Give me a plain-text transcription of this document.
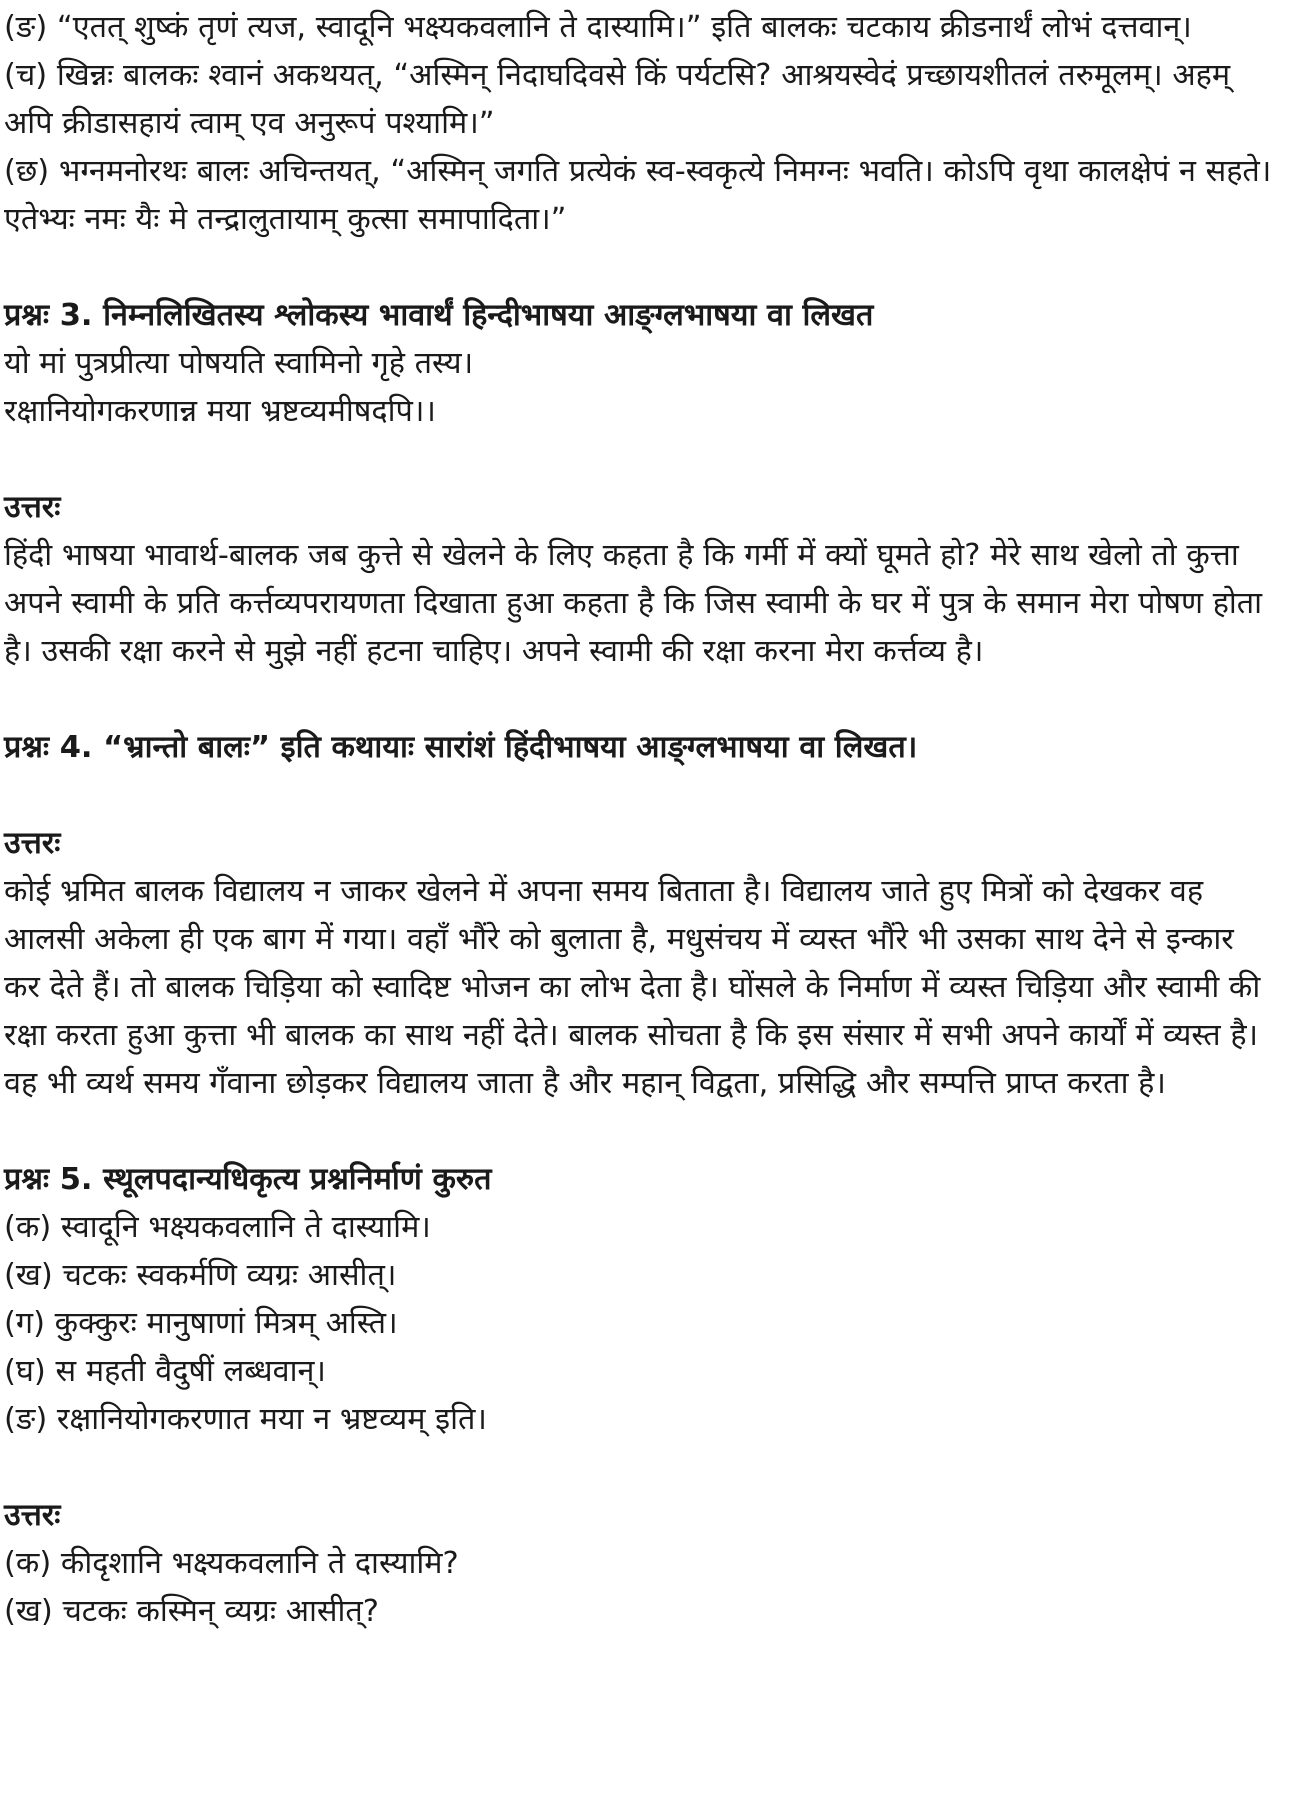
(ङ) “एतत् शुष्कं तृणं त्यज, स्वादूनि भक्ष्यकवलानि ते दास्यामि।” इति बालकः चटकाय क्रीडनार्थं लोभं दत्तवान्।

(च) खिन्नः बालकः श्वानं अकथयत्, “अस्मिन् निदाघदिवसे किं पर्यटसि? आश्रयस्वेदं प्रच्छायशीतलं तरुमूलम्। अहम् अपि क्रीडासहायं त्वाम् एव अनुरूपं पश्यामि।”

(छ) भग्नमनोरथः बालः अचिन्तयत्, “अस्मिन् जगति प्रत्येकं स्व-स्वकृत्ये निमग्नः भवति। कोऽपि वृथा कालक्षेपं न सहते। एतेभ्यः नमः यैः मे तन्द्रालुतायाम् कुत्सा समापादिता।”

प्रश्नः 3. निम्नलिखितस्य श्लोकस्य भावार्थं हिन्दीभाषया आङ्ग्लभाषया वा लिखत

यो मां पुत्रप्रीत्या पोषयति स्वामिनो गृहे तस्य।

रक्षानियोगकरणान्न मया भ्रष्टव्यमीषदपि।।

उत्तरः

हिंदी भाषया भावार्थ-बालक जब कुत्ते से खेलने के लिए कहता है कि गर्मी में क्यों घूमते हो? मेरे साथ खेलो तो कुत्ता अपने स्वामी के प्रति कर्त्तव्यपरायणता दिखाता हुआ कहता है कि जिस स्वामी के घर में पुत्र के समान मेरा पोषण होता है। उसकी रक्षा करने से मुझे नहीं हटना चाहिए। अपने स्वामी की रक्षा करना मेरा कर्त्तव्य है।

प्रश्नः 4. “भ्रान्तो बालः” इति कथायाः सारांशं हिंदीभाषया आङ्ग्लभाषया वा लिखत।

उत्तरः

कोई भ्रमित बालक विद्यालय न जाकर खेलने में अपना समय बिताता है। विद्यालय जाते हुए मित्रों को देखकर वह आलसी अकेला ही एक बाग में गया। वहाँ भौंरे को बुलाता है, मधुसंचय में व्यस्त भौंरे भी उसका साथ देने से इन्कार कर देते हैं। तो बालक चिड़िया को स्वादिष्ट भोजन का लोभ देता है। घोंसले के निर्माण में व्यस्त चिड़िया और स्वामी की रक्षा करता हुआ कुत्ता भी बालक का साथ नहीं देते। बालक सोचता है कि इस संसार में सभी अपने कार्यों में व्यस्त है। वह भी व्यर्थ समय गँवाना छोड़कर विद्यालय जाता है और महान् विद्वता, प्रसिद्धि और सम्पत्ति प्राप्त करता है।

प्रश्नः 5. स्थूलपदान्यधिकृत्य प्रश्ननिर्माणं कुरुत

(क) स्वादूनि भक्ष्यकवलानि ते दास्यामि।

(ख) चटकः स्वकर्मणि व्यग्रः आसीत्।

(ग) कुक्कुरः मानुषाणां मित्रम् अस्ति।

(घ) स महती वैदुषीं लब्धवान्।

(ङ) रक्षानियोगकरणात मया न भ्रष्टव्यम् इति।

उत्तरः

(क) कीदृशानि भक्ष्यकवलानि ते दास्यामि?

(ख) चटकः कस्मिन् व्यग्रः आसीत्?
